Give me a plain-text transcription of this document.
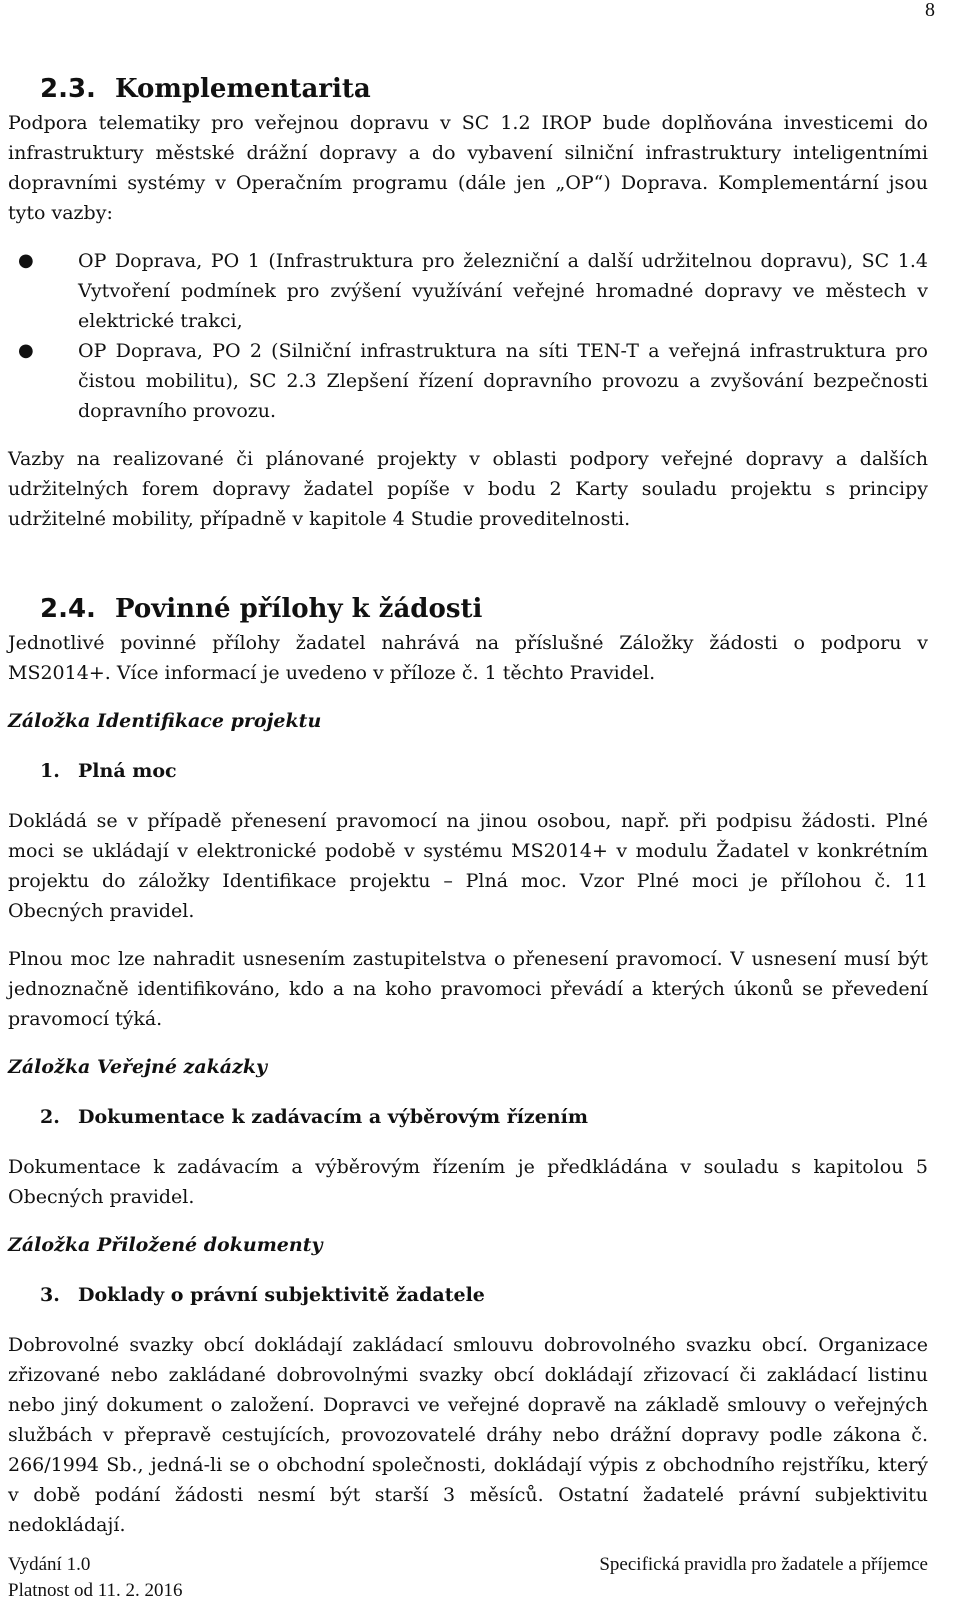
8
2.3. Komplementarita

Podpora telematiky pro veřejnou dopravu v SC 1.2 IROP bude doplňována investicemi do infrastruktury městské drážní dopravy a do vybavení silniční infrastruktury inteligentními dopravními systémy v Operačním programu (dále jen „OP“) Doprava. Komplementární jsou tyto vazby:

● OP Doprava, PO 1 (Infrastruktura pro železniční a další udržitelnou dopravu), SC 1.4 Vytvoření podmínek pro zvýšení využívání veřejné hromadné dopravy ve městech v elektrické trakci,
● OP Doprava, PO 2 (Silniční infrastruktura na síti TEN-T a veřejná infrastruktura pro čistou mobilitu), SC 2.3 Zlepšení řízení dopravního provozu a zvyšování bezpečnosti dopravního provozu.

Vazby na realizované či plánované projekty v oblasti podpory veřejné dopravy a dalších udržitelných forem dopravy žadatel popíše v bodu 2 Karty souladu projektu s principy udržitelné mobility, případně v kapitole 4 Studie proveditelnosti.

2.4. Povinné přílohy k žádosti

Jednotlivé povinné přílohy žadatel nahrává na příslušné Záložky žádosti o podporu v MS2014+. Více informací je uvedeno v příloze č. 1 těchto Pravidel.

Záložka Identifikace projektu
1. Plná moc

Dokládá se v případě přenesení pravomocí na jinou osobou, např. při podpisu žádosti. Plné moci se ukládají v elektronické podobě v systému MS2014+ v modulu Žadatel v konkrétním projektu do záložky Identifikace projektu – Plná moc. Vzor Plné moci je přílohou č. 11 Obecných pravidel.

Plnou moc lze nahradit usnesením zastupitelstva o přenesení pravomocí. V usnesení musí být jednoznačně identifikováno, kdo a na koho pravomoci převádí a kterých úkonů se převedení pravomocí týká.

Záložka Veřejné zakázky
2. Dokumentace k zadávacím a výběrovým řízením

Dokumentace k zadávacím a výběrovým řízením je předkládána v souladu s kapitolou 5 Obecných pravidel.

Záložka Přiložené dokumenty
3. Doklady o právní subjektivitě žadatele

Dobrovolné svazky obcí dokládají zakládací smlouvu dobrovolného svazku obcí. Organizace zřizované nebo zakládané dobrovolnými svazky obcí dokládají zřizovací či zakládací listinu nebo jiný dokument o založení. Dopravci ve veřejné dopravě na základě smlouvy o veřejných službách v přepravě cestujících, provozovatelé dráhy nebo drážní dopravy podle zákona č. 266/1994 Sb., jedná-li se o obchodní společnosti, dokládají výpis z obchodního rejstříku, který v době podání žádosti nesmí být starší 3 měsíců. Ostatní žadatelé právní subjektivitu nedokládají.

Vydání 1.0	Specifická pravidla pro žadatele a příjemce
Platnost od 11. 2. 2016
